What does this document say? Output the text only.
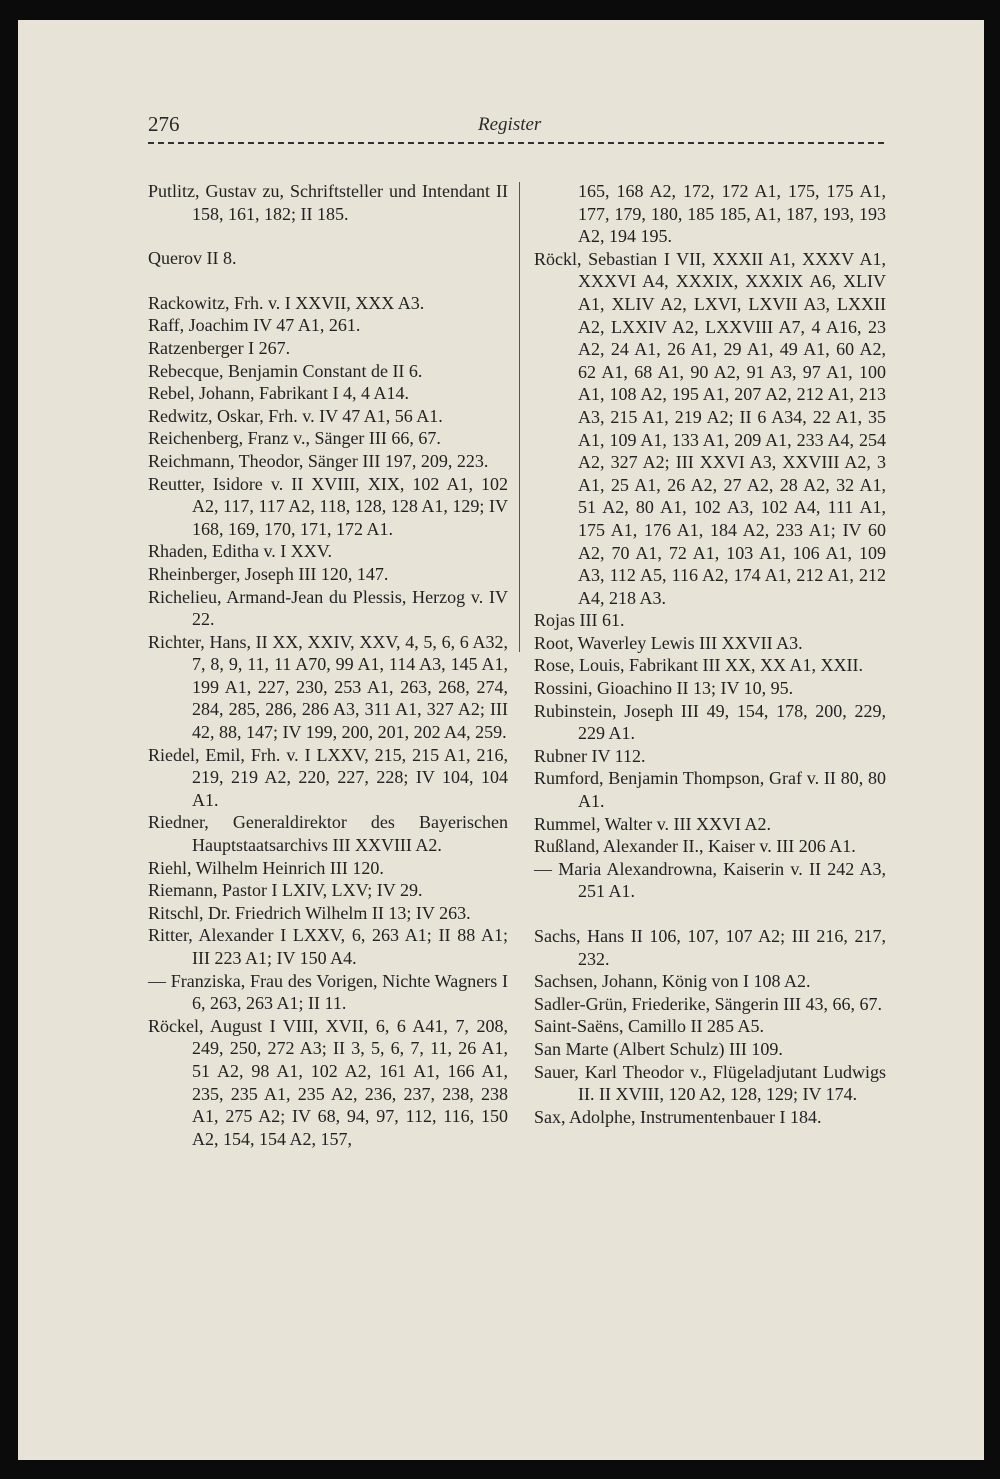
276	Register

Putlitz, Gustav zu, Schriftsteller und Intendant II 158, 161, 182; II 185.

Querov II 8.

Rackowitz, Frh. v. I XXVII, XXX A3.

Raff, Joachim IV 47 A1, 261.

Ratzenberger I 267.

Rebecque, Benjamin Constant de II 6.

Rebel, Johann, Fabrikant I 4, 4 A14.

Redwitz, Oskar, Frh. v. IV 47 A1, 56 A1.

Reichenberg, Franz v., Sänger III 66, 67.

Reichmann, Theodor, Sänger III 197, 209, 223.

Reutter, Isidore v. II XVIII, XIX, 102 A1, 102 A2, 117, 117 A2, 118, 128, 128 A1, 129; IV 168, 169, 170, 171, 172 A1.

Rhaden, Editha v. I XXV.

Rheinberger, Joseph III 120, 147.

Richelieu, Armand-Jean du Plessis, Herzog v. IV 22.

Richter, Hans, II XX, XXIV, XXV, 4, 5, 6, 6 A32, 7, 8, 9, 11, 11 A70, 99 A1, 114 A3, 145 A1, 199 A1, 227, 230, 253 A1, 263, 268, 274, 284, 285, 286, 286 A3, 311 A1, 327 A2; III 42, 88, 147; IV 199, 200, 201, 202 A4, 259.

Riedel, Emil, Frh. v. I LXXV, 215, 215 A1, 216, 219, 219 A2, 220, 227, 228; IV 104, 104 A1.

Riedner, Generaldirektor des Bayerischen Hauptstaatsarchivs III XXVIII A2.

Riehl, Wilhelm Heinrich III 120.

Riemann, Pastor I LXIV, LXV; IV 29.

Ritschl, Dr. Friedrich Wilhelm II 13; IV 263.

Ritter, Alexander I LXXV, 6, 263 A1; II 88 A1; III 223 A1; IV 150 A4.

— Franziska, Frau des Vorigen, Nichte Wagners I 6, 263, 263 A1; II 11.

Röckel, August I VIII, XVII, 6, 6 A41, 7, 208, 249, 250, 272 A3; II 3, 5, 6, 7, 11, 26 A1, 51 A2, 98 A1, 102 A2, 161 A1, 166 A1, 235, 235 A1, 235 A2, 236, 237, 238, 238 A1, 275 A2; IV 68, 94, 97, 112, 116, 150 A2, 154, 154 A2, 157,

165, 168 A2, 172, 172 A1, 175, 175 A1, 177, 179, 180, 185 185, A1, 187, 193, 193 A2, 194 195.

Röckl, Sebastian I VII, XXXII A1, XXXV A1, XXXVI A4, XXXIX, XXXIX A6, XLIV A1, XLIV A2, LXVI, LXVII A3, LXXII A2, LXXIV A2, LXXVIII A7, 4 A16, 23 A2, 24 A1, 26 A1, 29 A1, 49 A1, 60 A2, 62 A1, 68 A1, 90 A2, 91 A3, 97 A1, 100 A1, 108 A2, 195 A1, 207 A2, 212 A1, 213 A3, 215 A1, 219 A2; II 6 A34, 22 A1, 35 A1, 109 A1, 133 A1, 209 A1, 233 A4, 254 A2, 327 A2; III XXVI A3, XXVIII A2, 3 A1, 25 A1, 26 A2, 27 A2, 28 A2, 32 A1, 51 A2, 80 A1, 102 A3, 102 A4, 111 A1, 175 A1, 176 A1, 184 A2, 233 A1; IV 60 A2, 70 A1, 72 A1, 103 A1, 106 A1, 109 A3, 112 A5, 116 A2, 174 A1, 212 A1, 212 A4, 218 A3.

Rojas III 61.

Root, Waverley Lewis III XXVII A3.

Rose, Louis, Fabrikant III XX, XX A1, XXII.

Rossini, Gioachino II 13; IV 10, 95.

Rubinstein, Joseph III 49, 154, 178, 200, 229, 229 A1.

Rubner IV 112.

Rumford, Benjamin Thompson, Graf v. II 80, 80 A1.

Rummel, Walter v. III XXVI A2.

Rußland, Alexander II., Kaiser v. III 206 A1.

— Maria Alexandrowna, Kaiserin v. II 242 A3, 251 A1.

Sachs, Hans II 106, 107, 107 A2; III 216, 217, 232.

Sachsen, Johann, König von I 108 A2.

Sadler-Grün, Friederike, Sängerin III 43, 66, 67.

Saint-Saëns, Camillo II 285 A5.

San Marte (Albert Schulz) III 109.

Sauer, Karl Theodor v., Flügeladjutant Ludwigs II. II XVIII, 120 A2, 128, 129; IV 174.

Sax, Adolphe, Instrumentenbauer I 184.
